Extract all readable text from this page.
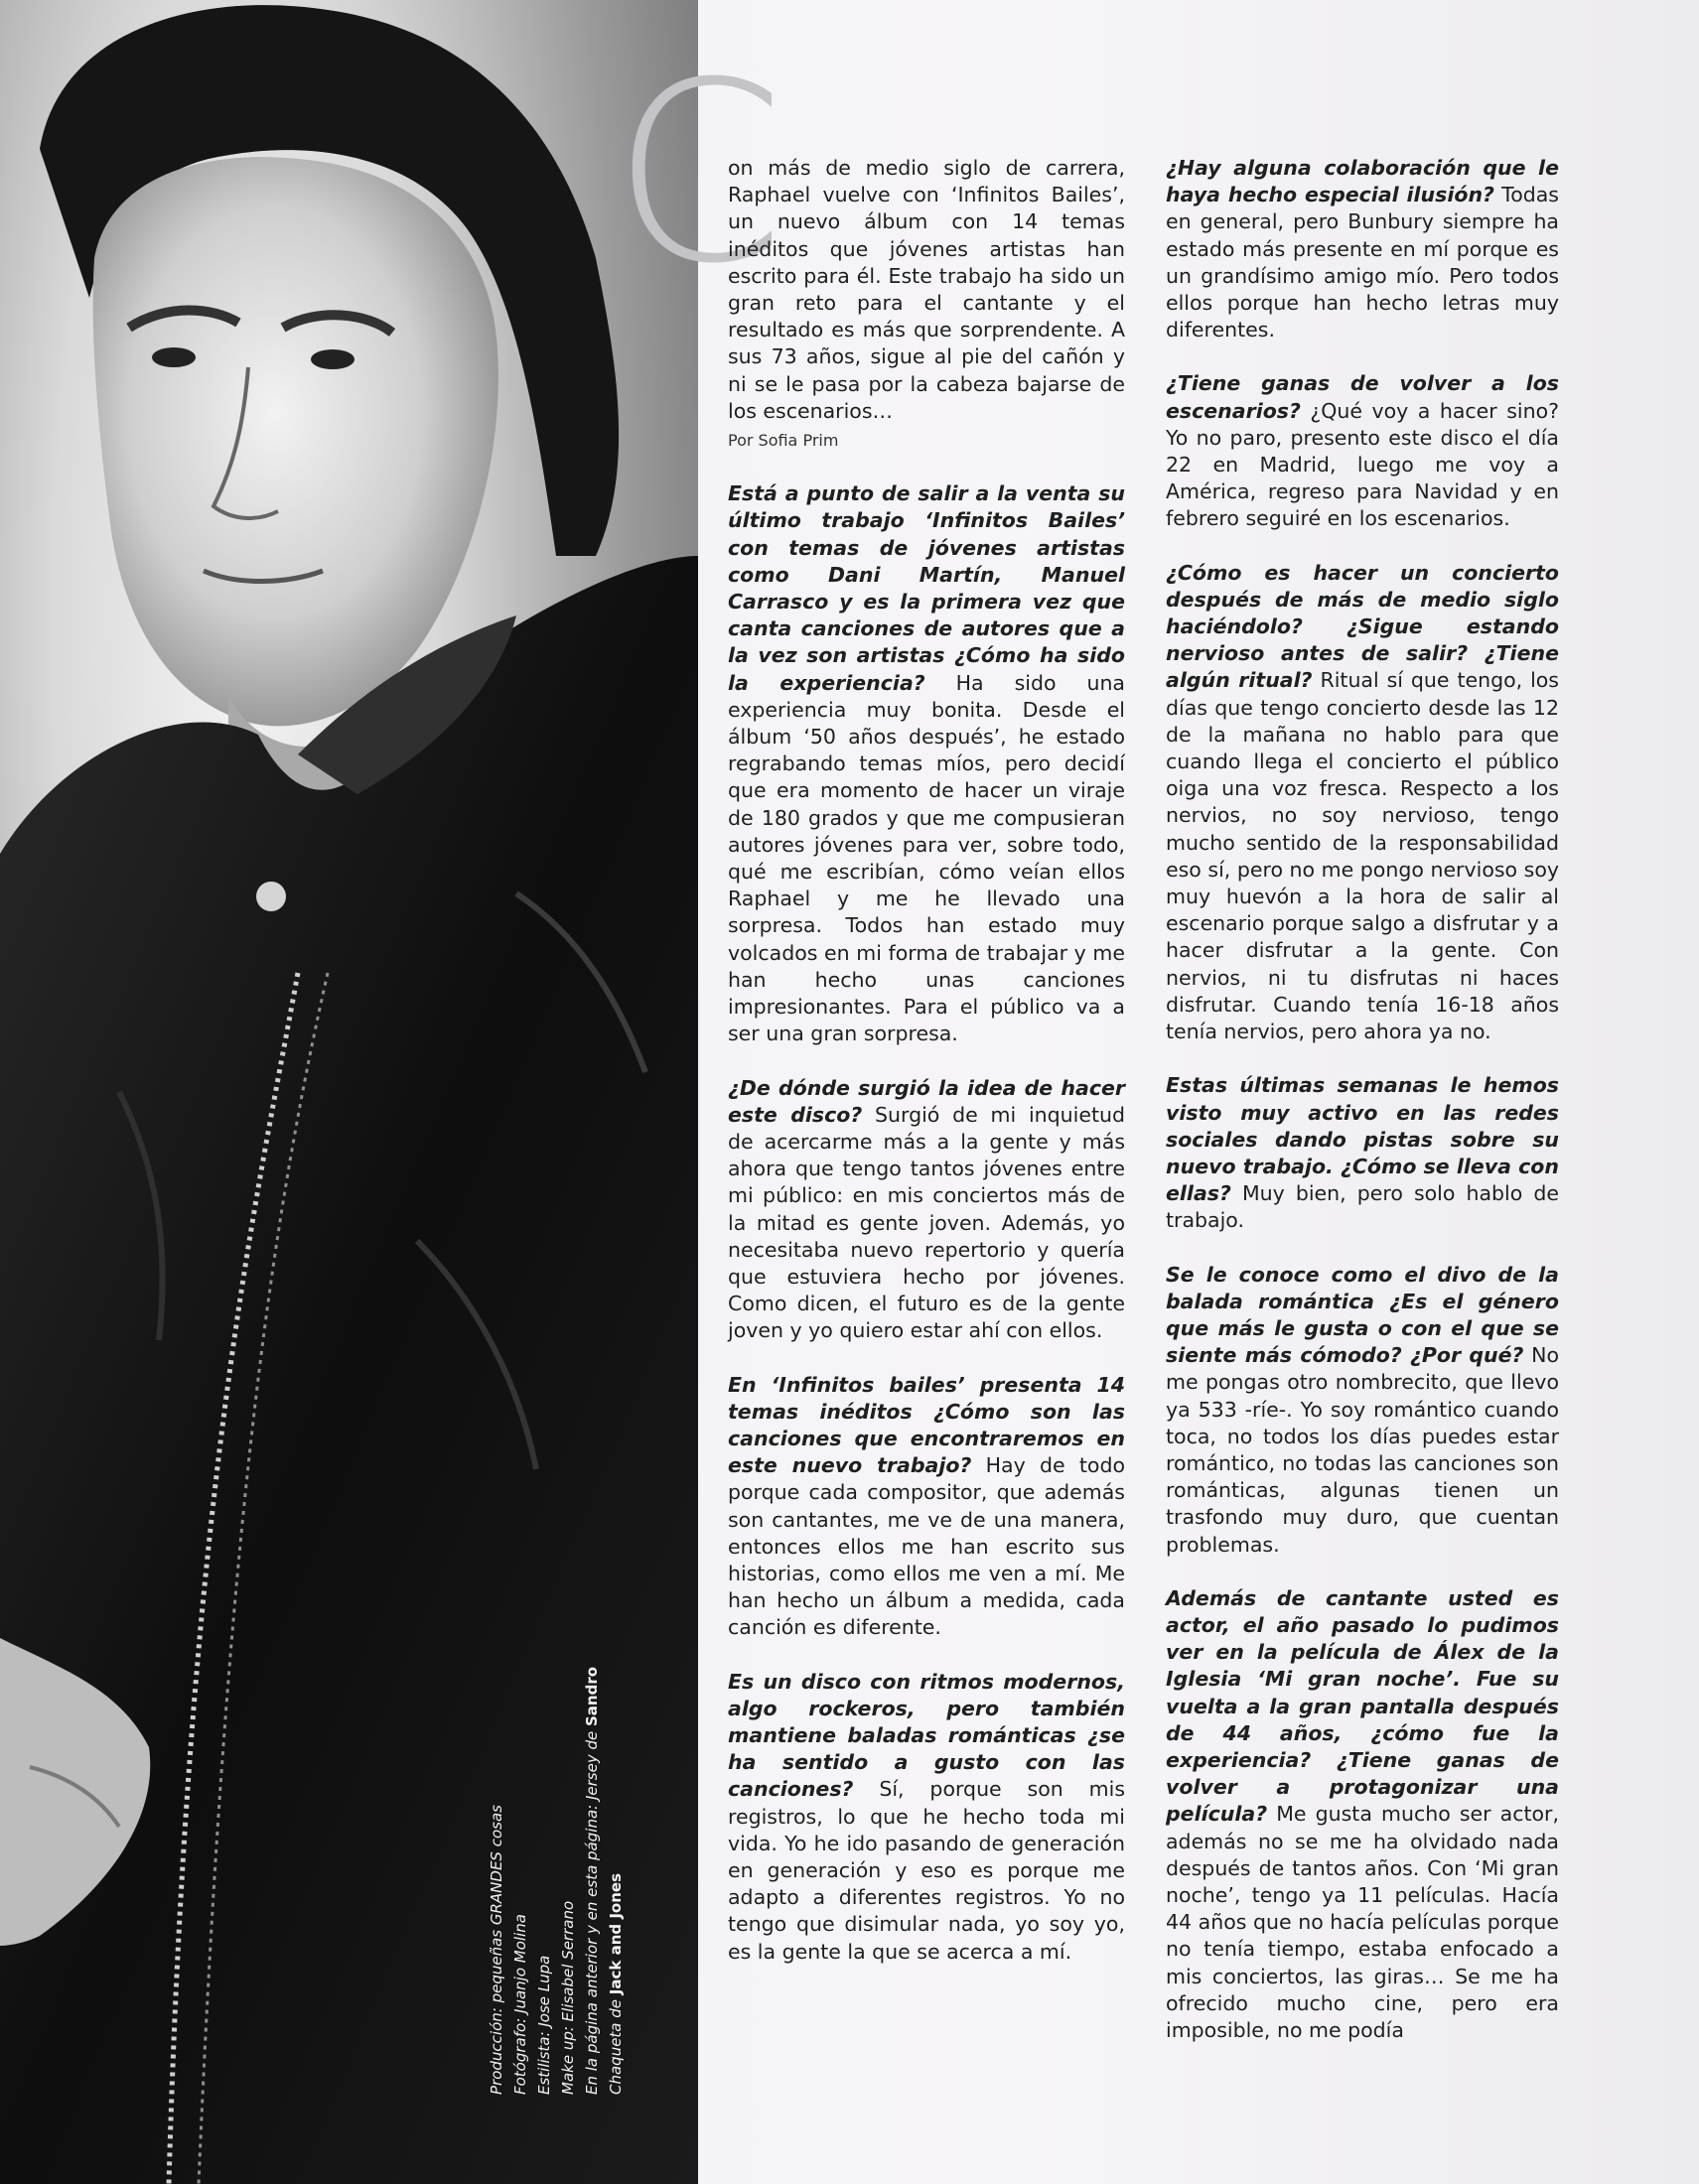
Producción: pequeñas GRANDES cosas Fotógrafo: Juanjo Molina Estilista: Jose Lupa Make up: Elisabel Serrano En la página anterior y en esta página: Jersey de Sandro
Chaqueta de Jack and Jones
C

on más de medio siglo de carrera, Raphael vuelve con ‘Infinitos Bailes’, un nuevo álbum con 14 temas inéditos que jóvenes artistas han escrito para él. Este trabajo ha sido un gran reto para el cantante y el resultado es más que sorprendente. A sus 73 años, sigue al pie del cañón y ni se le pasa por la cabeza bajarse de los escenarios…
Por Sofia Prim

Está a punto de salir a la venta su último trabajo ‘Infinitos Bailes’ con temas de jóvenes artistas como Dani Martín, Manuel Carrasco y es la primera vez que canta canciones de autores que a la vez son artistas ¿Cómo ha sido la experiencia? Ha sido una experiencia muy bonita. Desde el álbum ‘50 años después’, he estado regrabando temas míos, pero decidí que era momento de hacer un viraje de 180 grados y que me compusieran autores jóvenes para ver, sobre todo, qué me escribían, cómo veían ellos Raphael y me he llevado una sorpresa. Todos han estado muy volcados en mi forma de trabajar y me han hecho unas canciones impresionantes. Para el público va a ser una gran sorpresa.

¿De dónde surgió la idea de hacer este disco? Surgió de mi inquietud de acercarme más a la gente y más ahora que tengo tantos jóvenes entre mi público: en mis conciertos más de la mitad es gente joven. Además, yo necesitaba nuevo repertorio y quería que estuviera hecho por jóvenes. Como dicen, el futuro es de la gente joven y yo quiero estar ahí con ellos.

En ‘Infinitos bailes’ presenta 14 temas inéditos ¿Cómo son las canciones que encontraremos en este nuevo trabajo? Hay de todo porque cada compositor, que además son cantantes, me ve de una manera, entonces ellos me han escrito sus historias, como ellos me ven a mí. Me han hecho un álbum a medida, cada canción es diferente.

Es un disco con ritmos modernos, algo rockeros, pero también mantiene baladas románticas ¿se ha sentido a gusto con las canciones? Sí, porque son mis registros, lo que he hecho toda mi vida. Yo he ido pasando de generación en generación y eso es porque me adapto a diferentes registros. Yo no tengo que disimular nada, yo soy yo, es la gente la que se acerca a mí.

¿Hay alguna colaboración que le haya hecho especial ilusión? Todas en general, pero Bunbury siempre ha estado más presente en mí porque es un grandísimo amigo mío. Pero todos ellos porque han hecho letras muy diferentes.

¿Tiene ganas de volver a los escenarios? ¿Qué voy a hacer sino? Yo no paro, presento este disco el día 22 en Madrid, luego me voy a América, regreso para Navidad y en febrero seguiré en los escenarios.

¿Cómo es hacer un concierto después de más de medio siglo haciéndolo? ¿Sigue estando nervioso antes de salir? ¿Tiene algún ritual? Ritual sí que tengo, los días que tengo concierto desde las 12 de la mañana no hablo para que cuando llega el concierto el público oiga una voz fresca. Respecto a los nervios, no soy nervioso, tengo mucho sentido de la responsabilidad eso sí, pero no me pongo nervioso soy muy huevón a la hora de salir al escenario porque salgo a disfrutar y a hacer disfrutar a la gente. Con nervios, ni tu disfrutas ni haces disfrutar. Cuando tenía 16-18 años tenía nervios, pero ahora ya no.

Estas últimas semanas le hemos visto muy activo en las redes sociales dando pistas sobre su nuevo trabajo. ¿Cómo se lleva con ellas? Muy bien, pero solo hablo de trabajo.

Se le conoce como el divo de la balada romántica ¿Es el género que más le gusta o con el que se siente más cómodo? ¿Por qué? No me pongas otro nombrecito, que llevo ya 533 -ríe-. Yo soy romántico cuando toca, no todos los días puedes estar romántico, no todas las canciones son románticas, algunas tienen un trasfondo muy duro, que cuentan problemas.

Además de cantante usted es actor, el año pasado lo pudimos ver en la película de Álex de la Iglesia ‘Mi gran noche’. Fue su vuelta a la gran pantalla después de 44 años, ¿cómo fue la experiencia? ¿Tiene ganas de volver a protagonizar una película? Me gusta mucho ser actor, además no se me ha olvidado nada después de tantos años. Con ‘Mi gran noche’, tengo ya 11 películas. Hacía 44 años que no hacía películas porque no tenía tiempo, estaba enfocado a mis conciertos, las giras… Se me ha ofrecido mucho cine, pero era imposible, no me podía
